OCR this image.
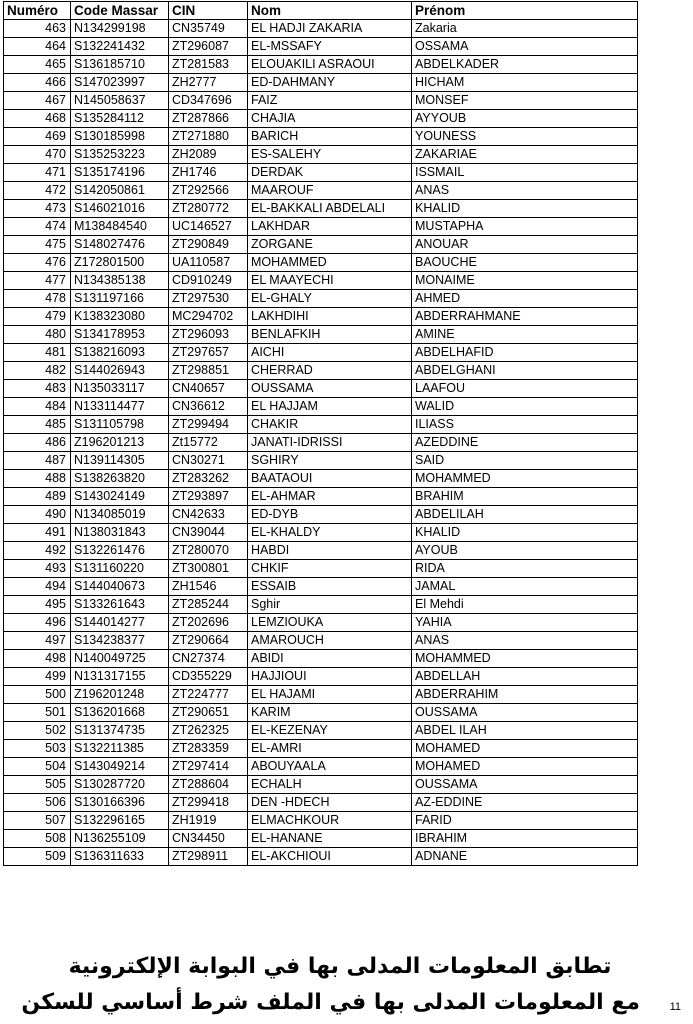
Numéro	Code Massar	CIN	Nom	Prénom
463	N134299198	CN35749	EL HADJI ZAKARIA	Zakaria
464	S132241432	ZT296087	EL-MSSAFY	OSSAMA
465	S136185710	ZT281583	ELOUAKILI ASRAOUI	ABDELKADER
466	S147023997	ZH2777	ED-DAHMANY	HICHAM
467	N145058637	CD347696	FAIZ	MONSEF
468	S135284112	ZT287866	CHAJIA	AYYOUB
469	S130185998	ZT271880	BARICH	YOUNESS
470	S135253223	ZH2089	ES-SALEHY	ZAKARIAE
471	S135174196	ZH1746	DERDAK	ISSMAIL
472	S142050861	ZT292566	MAAROUF	ANAS
473	S146021016	ZT280772	EL-BAKKALI ABDELALI	KHALID
474	M138484540	UC146527	LAKHDAR	MUSTAPHA
475	S148027476	ZT290849	ZORGANE	ANOUAR
476	Z172801500	UA110587	MOHAMMED	BAOUCHE
477	N134385138	CD910249	EL MAAYECHI	MONAIME
478	S131197166	ZT297530	EL-GHALY	AHMED
479	K138323080	MC294702	LAKHDIHI	ABDERRAHMANE
480	S134178953	ZT296093	BENLAFKIH	AMINE
481	S138216093	ZT297657	AICHI	ABDELHAFID
482	S144026943	ZT298851	CHERRAD	ABDELGHANI
483	N135033117	CN40657	OUSSAMA	LAAFOU
484	N133114477	CN36612	EL HAJJAM	WALID
485	S131105798	ZT299494	CHAKIR	ILIASS
486	Z196201213	Zt15772	JANATI-IDRISSI	AZEDDINE
487	N139114305	CN30271	SGHIRY	SAID
488	S138263820	ZT283262	BAATAOUI	MOHAMMED
489	S143024149	ZT293897	EL-AHMAR	BRAHIM
490	N134085019	CN42633	ED-DYB	ABDELILAH
491	N138031843	CN39044	EL-KHALDY	KHALID
492	S132261476	ZT280070	HABDI	AYOUB
493	S131160220	ZT300801	CHKIF	RIDA
494	S144040673	ZH1546	ESSAIB	JAMAL
495	S133261643	ZT285244	Sghir	El Mehdi
496	S144014277	ZT202696	LEMZIOUKA	YAHIA
497	S134238377	ZT290664	AMAROUCH	ANAS
498	N140049725	CN27374	ABIDI	MOHAMMED
499	N131317155	CD355229	HAJJIOUI	ABDELLAH
500	Z196201248	ZT224777	EL HAJAMI	ABDERRAHIM
501	S136201668	ZT290651	KARIM	OUSSAMA
502	S131374735	ZT262325	EL-KEZENAY	ABDEL ILAH
503	S132211385	ZT283359	EL-AMRI	MOHAMED
504	S143049214	ZT297414	ABOUYAALA	MOHAMED
505	S130287720	ZT288604	ECHALH	OUSSAMA
506	S130166396	ZT299418	DEN -HDECH	AZ-EDDINE
507	S132296165	ZH1919	ELMACHKOUR	FARID
508	N136255109	CN34450	EL-HANANE	IBRAHIM
509	S136311633	ZT298911	EL-AKCHIOUI	ADNANE
تطابق المعلومات المدلى بها في البوابة الإلكترونية
مع المعلومات المدلى بها في الملف شرط أساسي للسكن	11
